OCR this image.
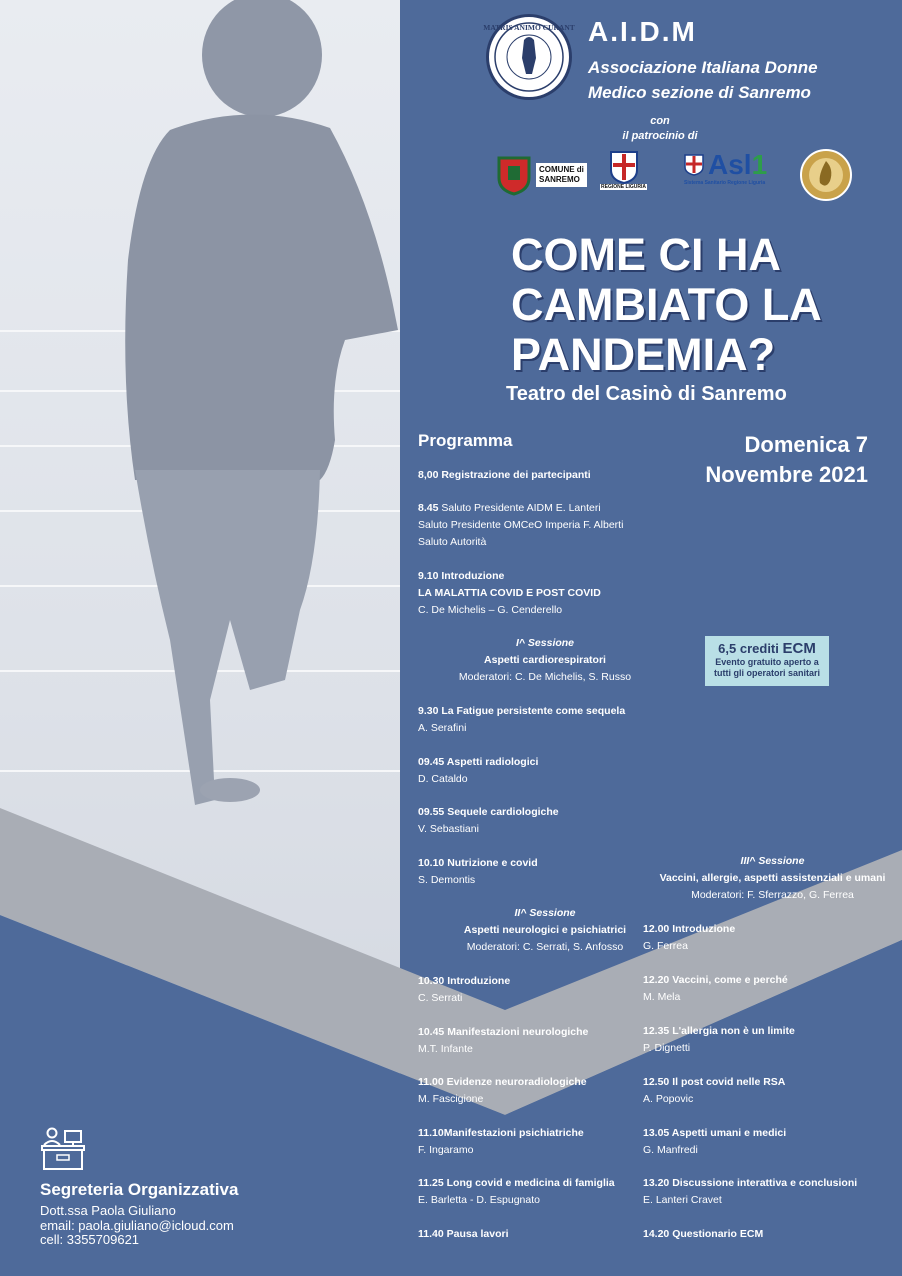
MATRIS ANIMO CURANT A.I.D.M
Associazione Italiana Donne
Medico sezione di Sanremo
con
il patrocinio di
COMUNE di
SANREMO
REGIONE LIGURIA
Asl 1
Sistema Sanitario Regione Liguria
COME CI HA
CAMBIATO LA
PANDEMIA?
Teatro del Casinò di Sanremo
Domenica 7
Novembre 2021
Programma
8,00 Registrazione dei partecipanti
8.45 Saluto Presidente AIDM E. Lanteri
Saluto Presidente OMCeO Imperia F. Alberti
Saluto Autorità
9.10 Introduzione
LA MALATTIA COVID E POST COVID
C. De Michelis – G. Cenderello
I^ Sessione
Aspetti cardiorespiratori
Moderatori: C. De Michelis, S. Russo
9.30 La Fatigue persistente come sequela
A. Serafini
09.45 Aspetti radiologici
D. Cataldo
09.55 Sequele cardiologiche
V. Sebastiani
10.10 Nutrizione e covid
S. Demontis
II^ Sessione
Aspetti neurologici e psichiatrici
Moderatori: C. Serrati, S. Anfosso
10.30 Introduzione
C. Serrati
10.45 Manifestazioni neurologiche
M.T. Infante
11.00 Evidenze neuroradiologiche
M. Fascigione
11.10Manifestazioni psichiatriche
F. Ingaramo
11.25 Long covid e medicina di famiglia
E. Barletta - D. Espugnato
11.40 Pausa lavori
III^ Sessione
Vaccini, allergie, aspetti assistenziali e umani
Moderatori: F. Sferrazzo, G. Ferrea
12.00 Introduzione
G. Ferrea
12.20 Vaccini, come e perché
M. Mela
12.35 L'allergia non è un limite
P. Dignetti
12.50 Il post covid nelle RSA
A. Popovic
13.05 Aspetti umani e medici
G. Manfredi
13.20 Discussione interattiva e conclusioni
E. Lanteri Cravet
14.20 Questionario ECM
6,5 crediti ECM
Evento gratuito aperto a
tutti gli operatori sanitari
Segreteria Organizzativa
Dott.ssa Paola Giuliano
email: paola.giuliano@icloud.com
cell: 3355709621
